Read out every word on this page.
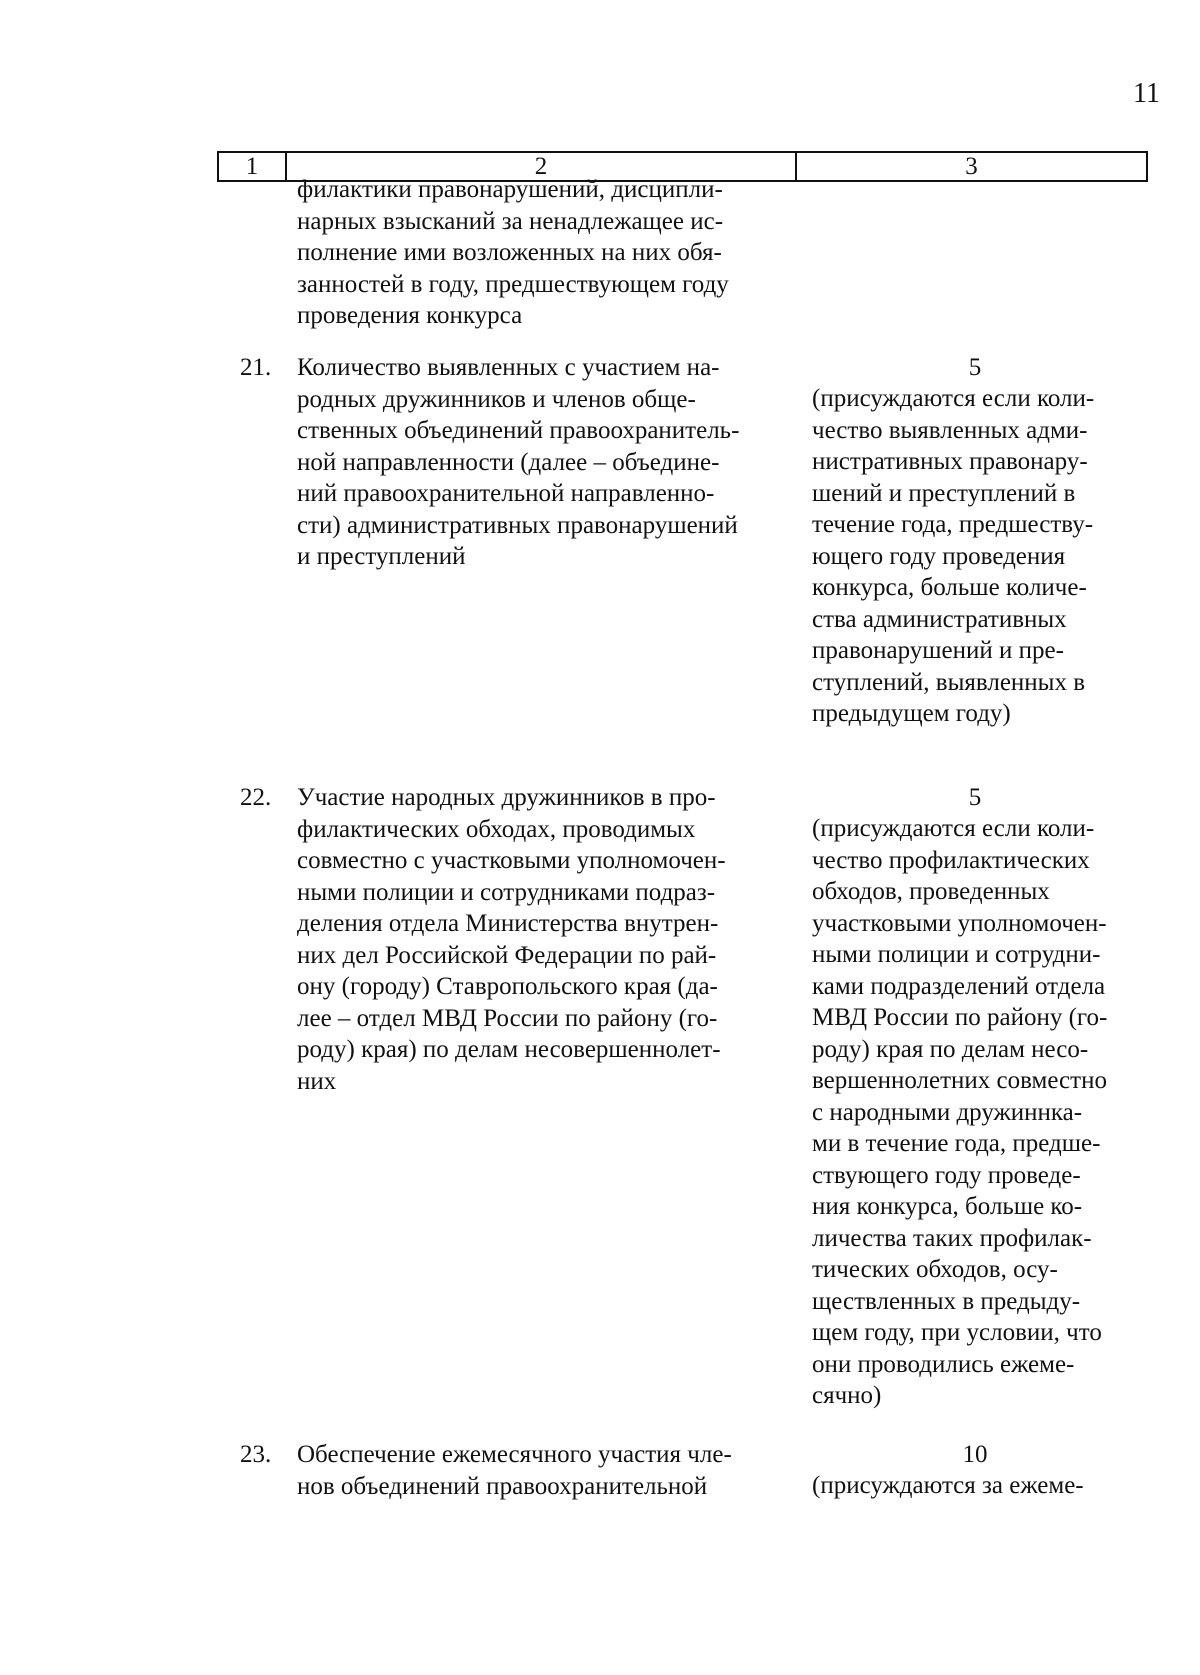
11
1	2	3
филактики правонарушений, дисципли-
нарных взысканий за ненадлежащее ис-
полнение ими возложенных на них обя-
занностей в году, предшествующем году
проведения конкурса
21. Количество выявленных с участием на-
родных дружинников и членов обще-
ственных объединений правоохранитель-
ной направленности (далее – объедине-
ний правоохранительной направленно-
сти) административных правонарушений
и преступлений
5
(присуждаются если коли-
чество выявленных адми-
нистративных правонару-
шений и преступлений в
течение года, предшеству-
ющего году проведения
конкурса, больше количе-
ства административных
правонарушений и пре-
ступлений, выявленных в
предыдущем году)
22. Участие народных дружинников в про-
филактических обходах, проводимых
совместно с участковыми уполномочен-
ными полиции и сотрудниками подраз-
деления отдела Министерства внутрен-
них дел Российской Федерации по рай-
ону (городу) Ставропольского края (да-
лее – отдел МВД России по району (го-
роду) края) по делам несовершеннолет-
них
5
(присуждаются если коли-
чество профилактических
обходов, проведенных
участковыми уполномочен-
ными полиции и сотрудни-
ками подразделений отдела
МВД России по району (го-
роду) края по делам несо-
вершеннолетних совместно
с народными дружиннка-
ми в течение года, предше-
ствующего году проведе-
ния конкурса, больше ко-
личества таких профилак-
тических обходов, осу-
ществленных в предыду-
щем году, при условии, что
они проводились ежеме-
сячно)
23. Обеспечение ежемесячного участия чле-
нов объединений правоохранительной
10
(присуждаются за ежеме-
